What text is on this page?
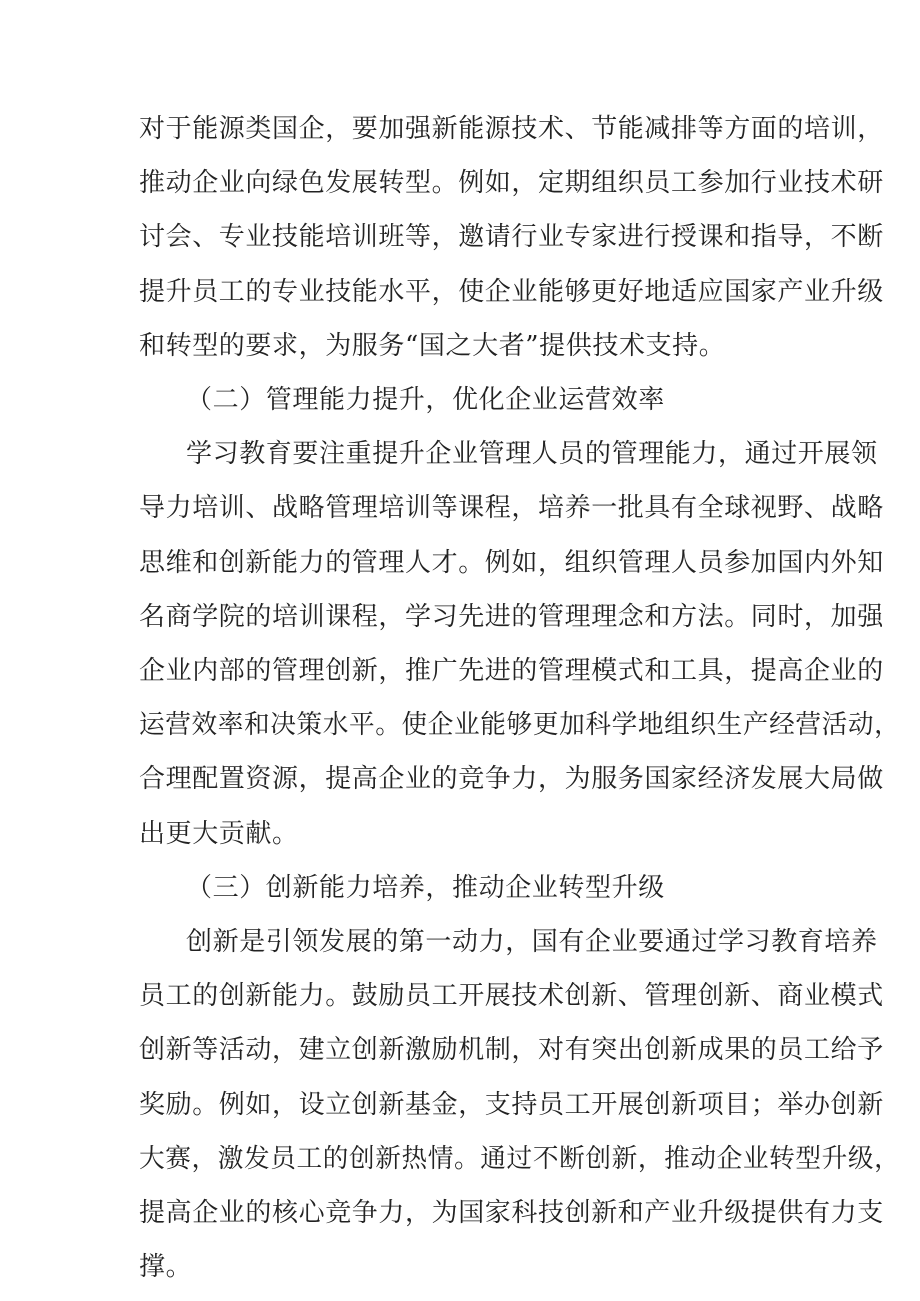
对于能源类国企，要加强新能源技术、节能减排等方面的培训，
推动企业向绿色发展转型。例如，定期组织员工参加行业技术研
讨会、专业技能培训班等，邀请行业专家进行授课和指导，不断
提升员工的专业技能水平，使企业能够更好地适应国家产业升级
和转型的要求，为服务“国之大者”提供技术支持。
（二）管理能力提升，优化企业运营效率
学习教育要注重提升企业管理人员的管理能力，通过开展领
导力培训、战略管理培训等课程，培养一批具有全球视野、战略
思维和创新能力的管理人才。例如，组织管理人员参加国内外知
名商学院的培训课程，学习先进的管理理念和方法。同时，加强
企业内部的管理创新，推广先进的管理模式和工具，提高企业的
运营效率和决策水平。使企业能够更加科学地组织生产经营活动，
合理配置资源，提高企业的竞争力，为服务国家经济发展大局做
出更大贡献。
（三）创新能力培养，推动企业转型升级
创新是引领发展的第一动力，国有企业要通过学习教育培养
员工的创新能力。鼓励员工开展技术创新、管理创新、商业模式
创新等活动，建立创新激励机制，对有突出创新成果的员工给予
奖励。例如，设立创新基金，支持员工开展创新项目；举办创新
大赛，激发员工的创新热情。通过不断创新，推动企业转型升级，
提高企业的核心竞争力，为国家科技创新和产业升级提供有力支
撑。
